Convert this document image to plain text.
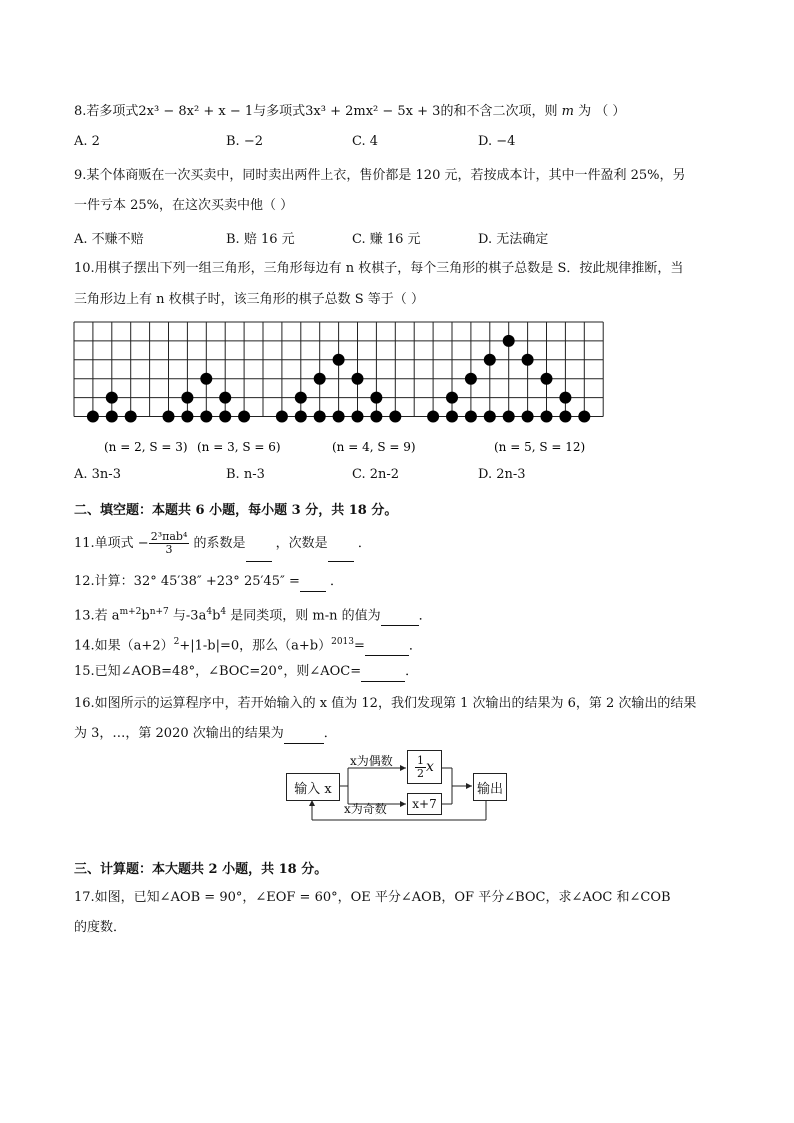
8.若多项式2x³ − 8x² + x − 1与多项式3x³ + 2mx² − 5x + 3的和不含二次项，则 m 为 （ ）
A. 2	B. −2	C. 4	D. −4
9.某个体商贩在一次买卖中，同时卖出两件上衣，售价都是 120 元，若按成本计，其中一件盈利 25%，另
一件亏本 25%，在这次买卖中他（ ）
A. 不赚不赔	B. 赔 16 元	C. 赚 16 元	D. 无法确定
10.用棋子摆出下列一组三角形，三角形每边有 n 枚棋子，每个三角形的棋子总数是 S．按此规律推断，当
三角形边上有 n 枚棋子时，该三角形的棋子总数 S 等于（ ）
(n = 2, S = 3) (n = 3, S = 6)	(n = 4, S = 9)	(n = 5, S = 12)
A. 3n-3	B. n-3	C. 2n-2	D. 2n-3
二、填空题：本题共 6 小题，每小题 3 分，共 18 分。
11.单项式 − $\frac{\text{2³πab⁴}}{3}$ 的系数是 ，次数是 ．
12.计算：32° 45′38″ +23° 25′45″ = ．
13.若 $a^{m+2}b^{n+7}$ 与$-3a^4b^4$ 是同类项，则 m-n 的值为	．
14.如果$(a+2)^2+|1-b|=0$，那么$(a+b)^{2013}=$	．
15.已知∠AOB=48°，∠BOC=20°，则∠AOC=	．
16.如图所示的运算程序中，若开始输入的 x 值为 12，我们发现第 1 次输出的结果为 6，第 2 次输出的结果
为 3，…，第 2020 次输出的结果为	．
输入 x
x为偶数
x为奇数
$\frac{1}{2}$ x
x+7
输出
三、计算题：本大题共 2 小题，共 18 分。
17.如图，已知∠AOB = 90°，∠EOF = 60°，OE 平分∠AOB，OF 平分∠BOC，求∠AOC 和∠COB
的度数．
